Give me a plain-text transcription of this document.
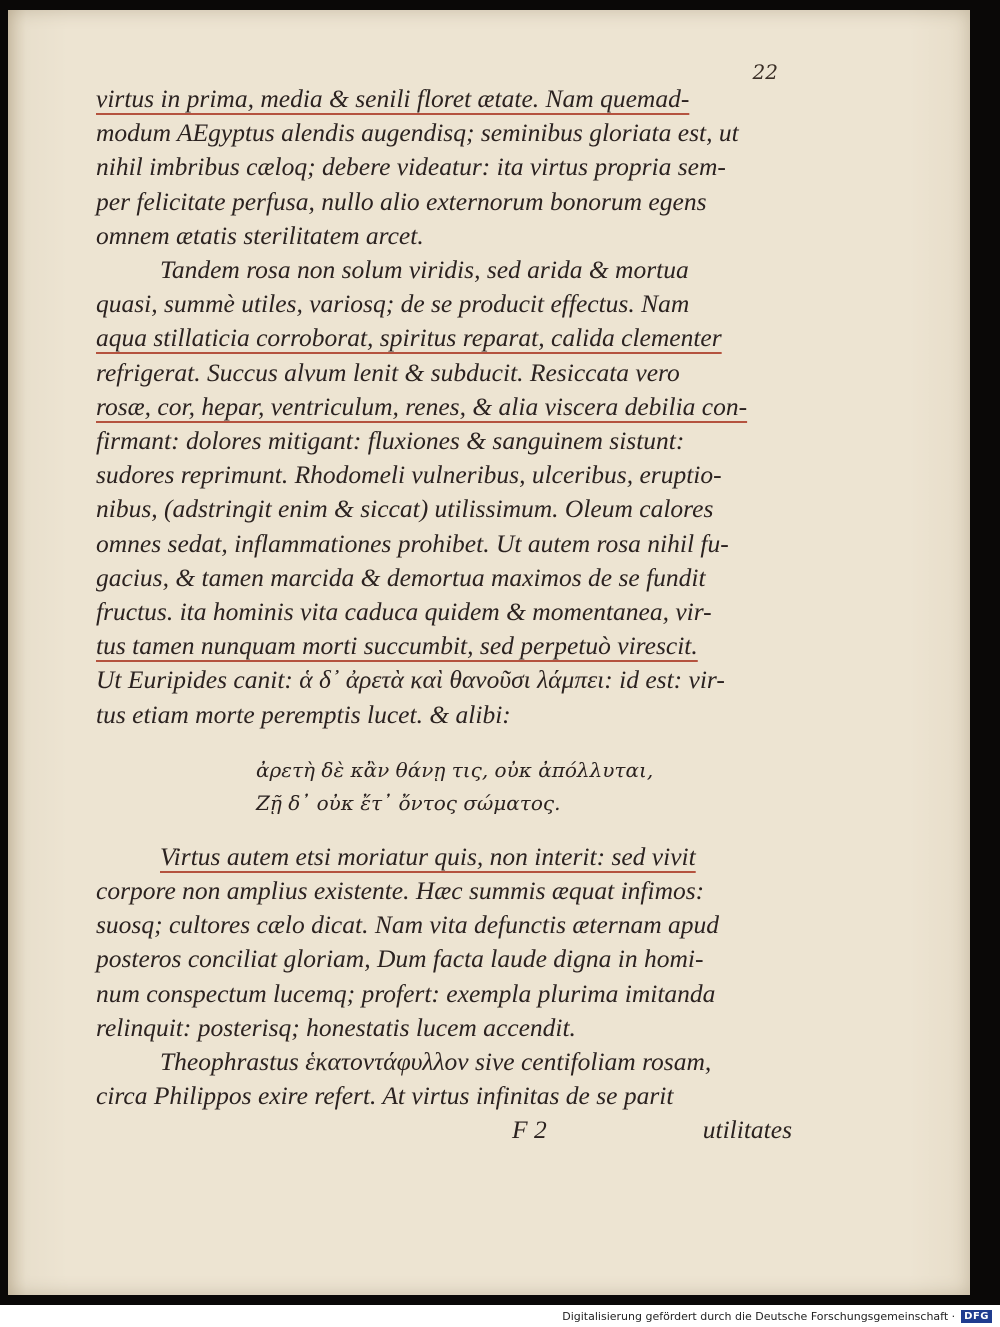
22

virtus in prima, media & senili floret ætate. Nam quemad-
modum AEgyptus alendis augendisq; seminibus gloriata est, ut
nihil imbribus cæloq; debere videatur: ita virtus propria sem-
per felicitate perfusa, nullo alio externorum bonorum egens
omnem ætatis sterilitatem arcet.
Tandem rosa non solum viridis, sed arida & mortua
quasi, summè utiles, variosq; de se producit effectus. Nam
aqua stillaticia corroborat, spiritus reparat, calida clementer
refrigerat. Succus alvum lenit & subducit. Resiccata vero
rosæ, cor, hepar, ventriculum, renes, & alia viscera debilia con-
firmant: dolores mitigant: fluxiones & sanguinem sistunt:
sudores reprimunt. Rhodomeli vulneribus, ulceribus, eruptio-
nibus, (adstringit enim & siccat) utilissimum. Oleum calores
omnes sedat, inflammationes prohibet. Ut autem rosa nihil fu-
gacius, & tamen marcida & demortua maximos de se fundit
fructus. ita hominis vita caduca quidem & momentanea, vir-
tus tamen nunquam morti succumbit, sed perpetuò virescit.
Ut Euripides canit: ἁ δ᾽ ἀρετὰ καὶ θανοῦσι λάμπει: id est: vir-
tus etiam morte peremptis lucet. & alibi:
ἀρετὴ δὲ κἂν θάνῃ τις, οὐκ ἀπόλλυται,
Ζῇ δ᾽ οὐκ ἔτ᾽ ὄντος σώματος.
Virtus autem etsi moriatur quis, non interit: sed vivit
corpore non amplius existente. Hæc summis æquat infimos:
suosq; cultores cælo dicat. Nam vita defunctis æternam apud
posteros conciliat gloriam, Dum facta laude digna in homi-
num conspectum lucemq; profert: exempla plurima imitanda
relinquit: posterisq; honestatis lucem accendit.
Theophrastus ἑκατοντάφυλλον sive centifoliam rosam,
circa Philippos exire refert. At virtus infinitas de se parit
F 2	utilitates
Digitalisierung gefördert durch die Deutsche Forschungsgemeinschaft · DFG
